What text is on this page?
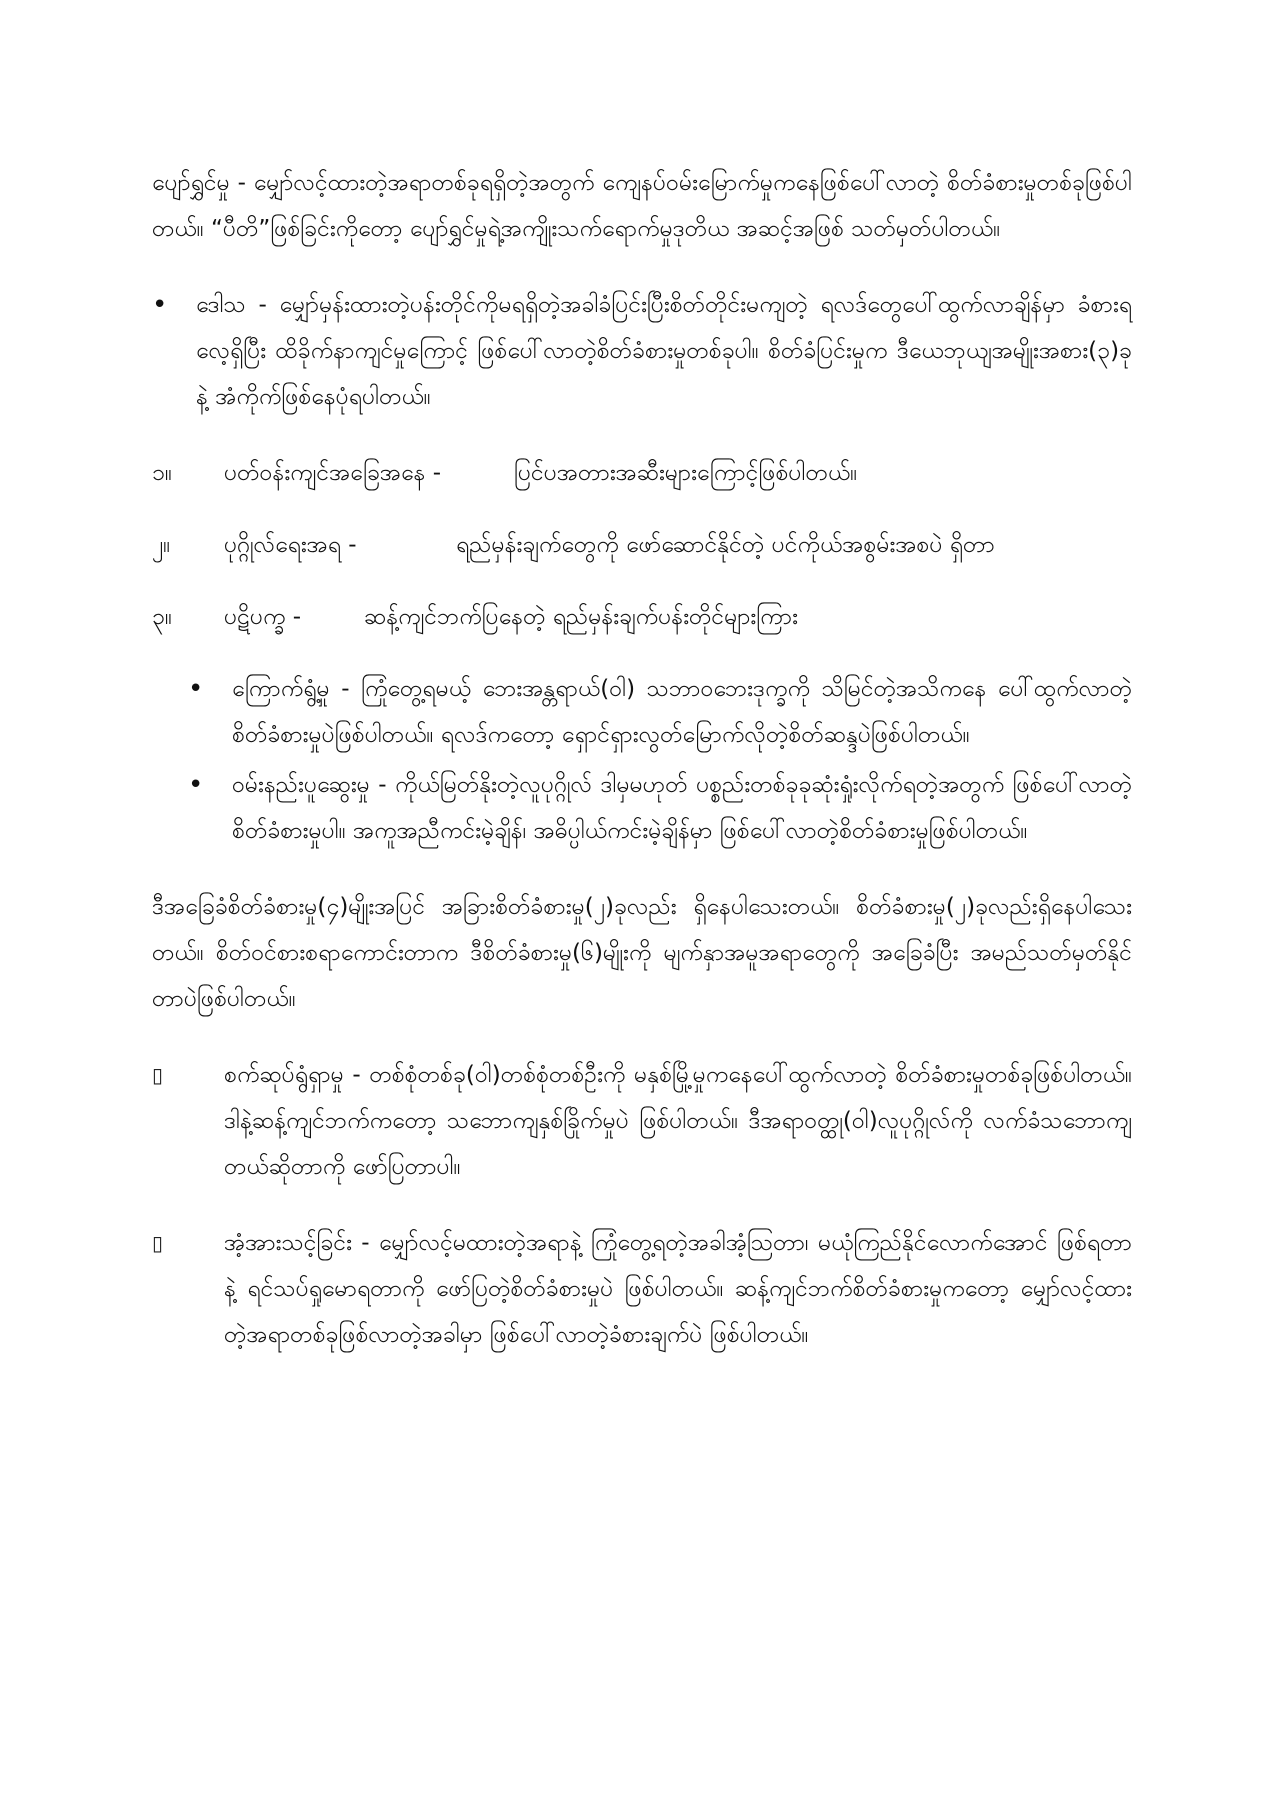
ပျော်ရွှင်မှု - မျှော်လင့်ထားတဲ့အရာတစ်ခုရရှိတဲ့အတွက် ကျေနပ်ဝမ်းမြောက်မှုကနေဖြစ်ပေါ်လာတဲ့ စိတ်ခံစားမှုတစ်ခုဖြစ်ပါတယ်။ “ပီတိ”ဖြစ်ခြင်းကိုတော့ ပျော်ရွှင်မှုရဲ့အကျိုးသက်ရောက်မှုဒုတိယ အဆင့်အဖြစ် သတ်မှတ်ပါတယ်။

•	ဒေါသ - မျှော်မှန်းထားတဲ့ပန်းတိုင်ကိုမရရှိတဲ့အခါခံပြင်းပြီးစိတ်တိုင်းမကျတဲ့ ရလဒ်တွေပေါ်ထွက်လာချိန်မှာ ခံစားရလေ့ရှိပြီး ထိခိုက်နာကျင်မှုကြောင့် ဖြစ်ပေါ်လာတဲ့စိတ်ခံစားမှုတစ်ခုပါ။ စိတ်ခံပြင်းမှုက ဒီယေဘုယျအမျိုးအစား(၃)ခုနဲ့ အံကိုက်ဖြစ်နေပုံရပါတယ်။
၁။	ပတ်ဝန်းကျင်အခြေအနေ -	ပြင်ပအတားအဆီးများကြောင့်ဖြစ်ပါတယ်။
၂။	ပုဂ္ဂိုလ်ရေးအရ -	ရည်မှန်းချက်တွေကို ဖော်ဆောင်နိုင်တဲ့ ပင်ကိုယ်အစွမ်းအစပဲ ရှိတာ
၃။	ပဋိပက္ခ -	ဆန့်ကျင်ဘက်ပြနေတဲ့ ရည်မှန်းချက်ပန်းတိုင်များကြား
•	ကြောက်ရွံ့မှု - ကြုံတွေ့ရမယ့် ဘေးအန္တရာယ်(ဝါ) သဘာဝဘေးဒုက္ခကို သိမြင်တဲ့အသိကနေ ပေါ်ထွက်လာတဲ့စိတ်ခံစားမှုပဲဖြစ်ပါတယ်။ ရလဒ်ကတော့ ရှောင်ရှားလွတ်မြောက်လိုတဲ့စိတ်ဆန္ဒပဲဖြစ်ပါတယ်။
•	ဝမ်းနည်းပူဆွေးမှု - ကိုယ်မြတ်နိုးတဲ့လူပုဂ္ဂိုလ် ဒါမှမဟုတ် ပစ္စည်းတစ်ခုခုဆုံးရှုံးလိုက်ရတဲ့အတွက် ဖြစ်ပေါ်လာတဲ့စိတ်ခံစားမှုပါ။ အကူအညီကင်းမဲ့ချိန်၊ အဓိပ္ပါယ်ကင်းမဲ့ချိန်မှာ ဖြစ်ပေါ်လာတဲ့စိတ်ခံစားမှုဖြစ်ပါတယ်။

ဒီအခြေခံစိတ်ခံစားမှု(၄)မျိုးအပြင် အခြားစိတ်ခံစားမှု(၂)ခုလည်း ရှိနေပါသေးတယ်။ စိတ်ခံစားမှု(၂)ခုလည်းရှိနေပါသေးတယ်။ စိတ်ဝင်စားစရာကောင်းတာက ဒီစိတ်ခံစားမှု(၆)မျိုးကို မျက်နှာအမူအရာတွေကို အခြေခံပြီး အမည်သတ်မှတ်နိုင်တာပဲဖြစ်ပါတယ်။

▯	စက်ဆုပ်ရွံရှာမှု - တစ်စုံတစ်ခု(ဝါ)တစ်စုံတစ်ဦးကို မနှစ်မြို့မှုကနေပေါ်ထွက်လာတဲ့ စိတ်ခံစားမှုတစ်ခုဖြစ်ပါတယ်။ ဒါနဲ့ဆန့်ကျင်ဘက်ကတော့ သဘောကျနှစ်ခြိုက်မှုပဲ ဖြစ်ပါတယ်။ ဒီအရာဝတ္ထု(ဝါ)လူပုဂ္ဂိုလ်ကို လက်ခံသဘောကျတယ်ဆိုတာကို ဖော်ပြတာပါ။
▯	အံ့အားသင့်ခြင်း - မျှော်လင့်မထားတဲ့အရာနဲ့ ကြုံတွေ့ရတဲ့အခါအံ့သြတာ၊ မယုံကြည်နိုင်လောက်အောင် ဖြစ်ရတာနဲ့ ရင်သပ်ရှုမောရတာကို ဖော်ပြတဲ့စိတ်ခံစားမှုပဲ ဖြစ်ပါတယ်။ ဆန့်ကျင်ဘက်စိတ်ခံစားမှုကတော့ မျှော်လင့်ထားတဲ့အရာတစ်ခုဖြစ်လာတဲ့အခါမှာ ဖြစ်ပေါ်လာတဲ့ခံစားချက်ပဲ ဖြစ်ပါတယ်။
